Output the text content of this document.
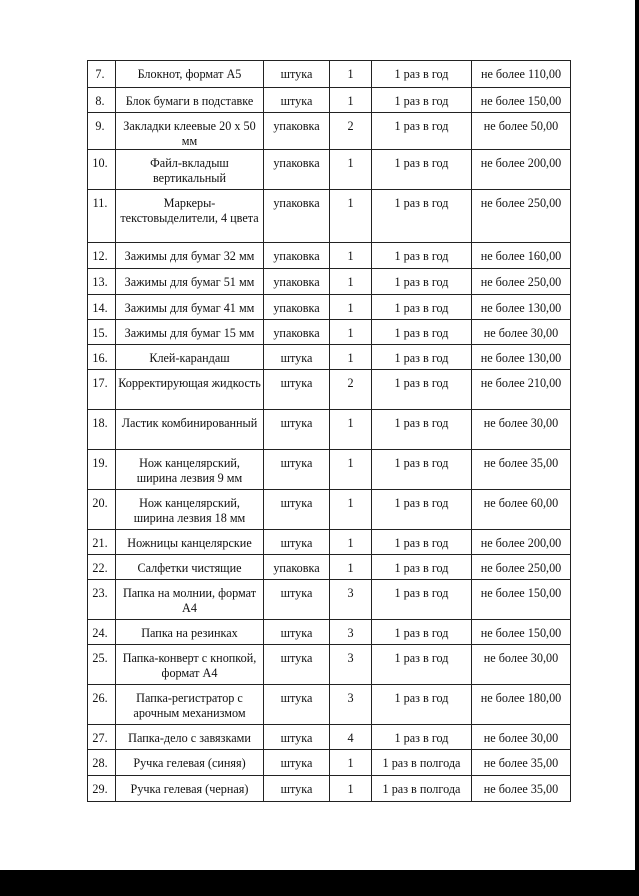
7.	Блокнот, формат А5	штука	1	1 раз в год	не более 110,00
8.	Блок бумаги в подставке	штука	1	1 раз в год	не более 150,00
9.	Закладки клеевые 20 x 50 мм	упаковка	2	1 раз в год	не более 50,00
10.	Файл-вкладыш вертикальный	упаковка	1	1 раз в год	не более 200,00
11.	Маркеры-текстовыделители, 4 цвета	упаковка	1	1 раз в год	не более 250,00
12.	Зажимы для бумаг 32 мм	упаковка	1	1 раз в год	не более 160,00
13.	Зажимы для бумаг 51 мм	упаковка	1	1 раз в год	не более 250,00
14.	Зажимы для бумаг 41 мм	упаковка	1	1 раз в год	не более 130,00
15.	Зажимы для бумаг 15 мм	упаковка	1	1 раз в год	не более 30,00
16.	Клей-карандаш	штука	1	1 раз в год	не более 130,00
17.	Корректирующая жидкость	штука	2	1 раз в год	не более 210,00
18.	Ластик комбинированный	штука	1	1 раз в год	не более 30,00
19.	Нож канцелярский, ширина лезвия 9 мм	штука	1	1 раз в год	не более 35,00
20.	Нож канцелярский, ширина лезвия 18 мм	штука	1	1 раз в год	не более 60,00
21.	Ножницы канцелярские	штука	1	1 раз в год	не более 200,00
22.	Салфетки чистящие	упаковка	1	1 раз в год	не более 250,00
23.	Папка на молнии, формат А4	штука	3	1 раз в год	не более 150,00
24.	Папка на резинках	штука	3	1 раз в год	не более 150,00
25.	Папка-конверт с кнопкой, формат А4	штука	3	1 раз в год	не более 30,00
26.	Папка-регистратор с арочным механизмом	штука	3	1 раз в год	не более 180,00
27.	Папка-дело с завязками	штука	4	1 раз в год	не более 30,00
28.	Ручка гелевая (синяя)	штука	1	1 раз в полгода	не более 35,00
29.	Ручка гелевая (черная)	штука	1	1 раз в полгода	не более 35,00
